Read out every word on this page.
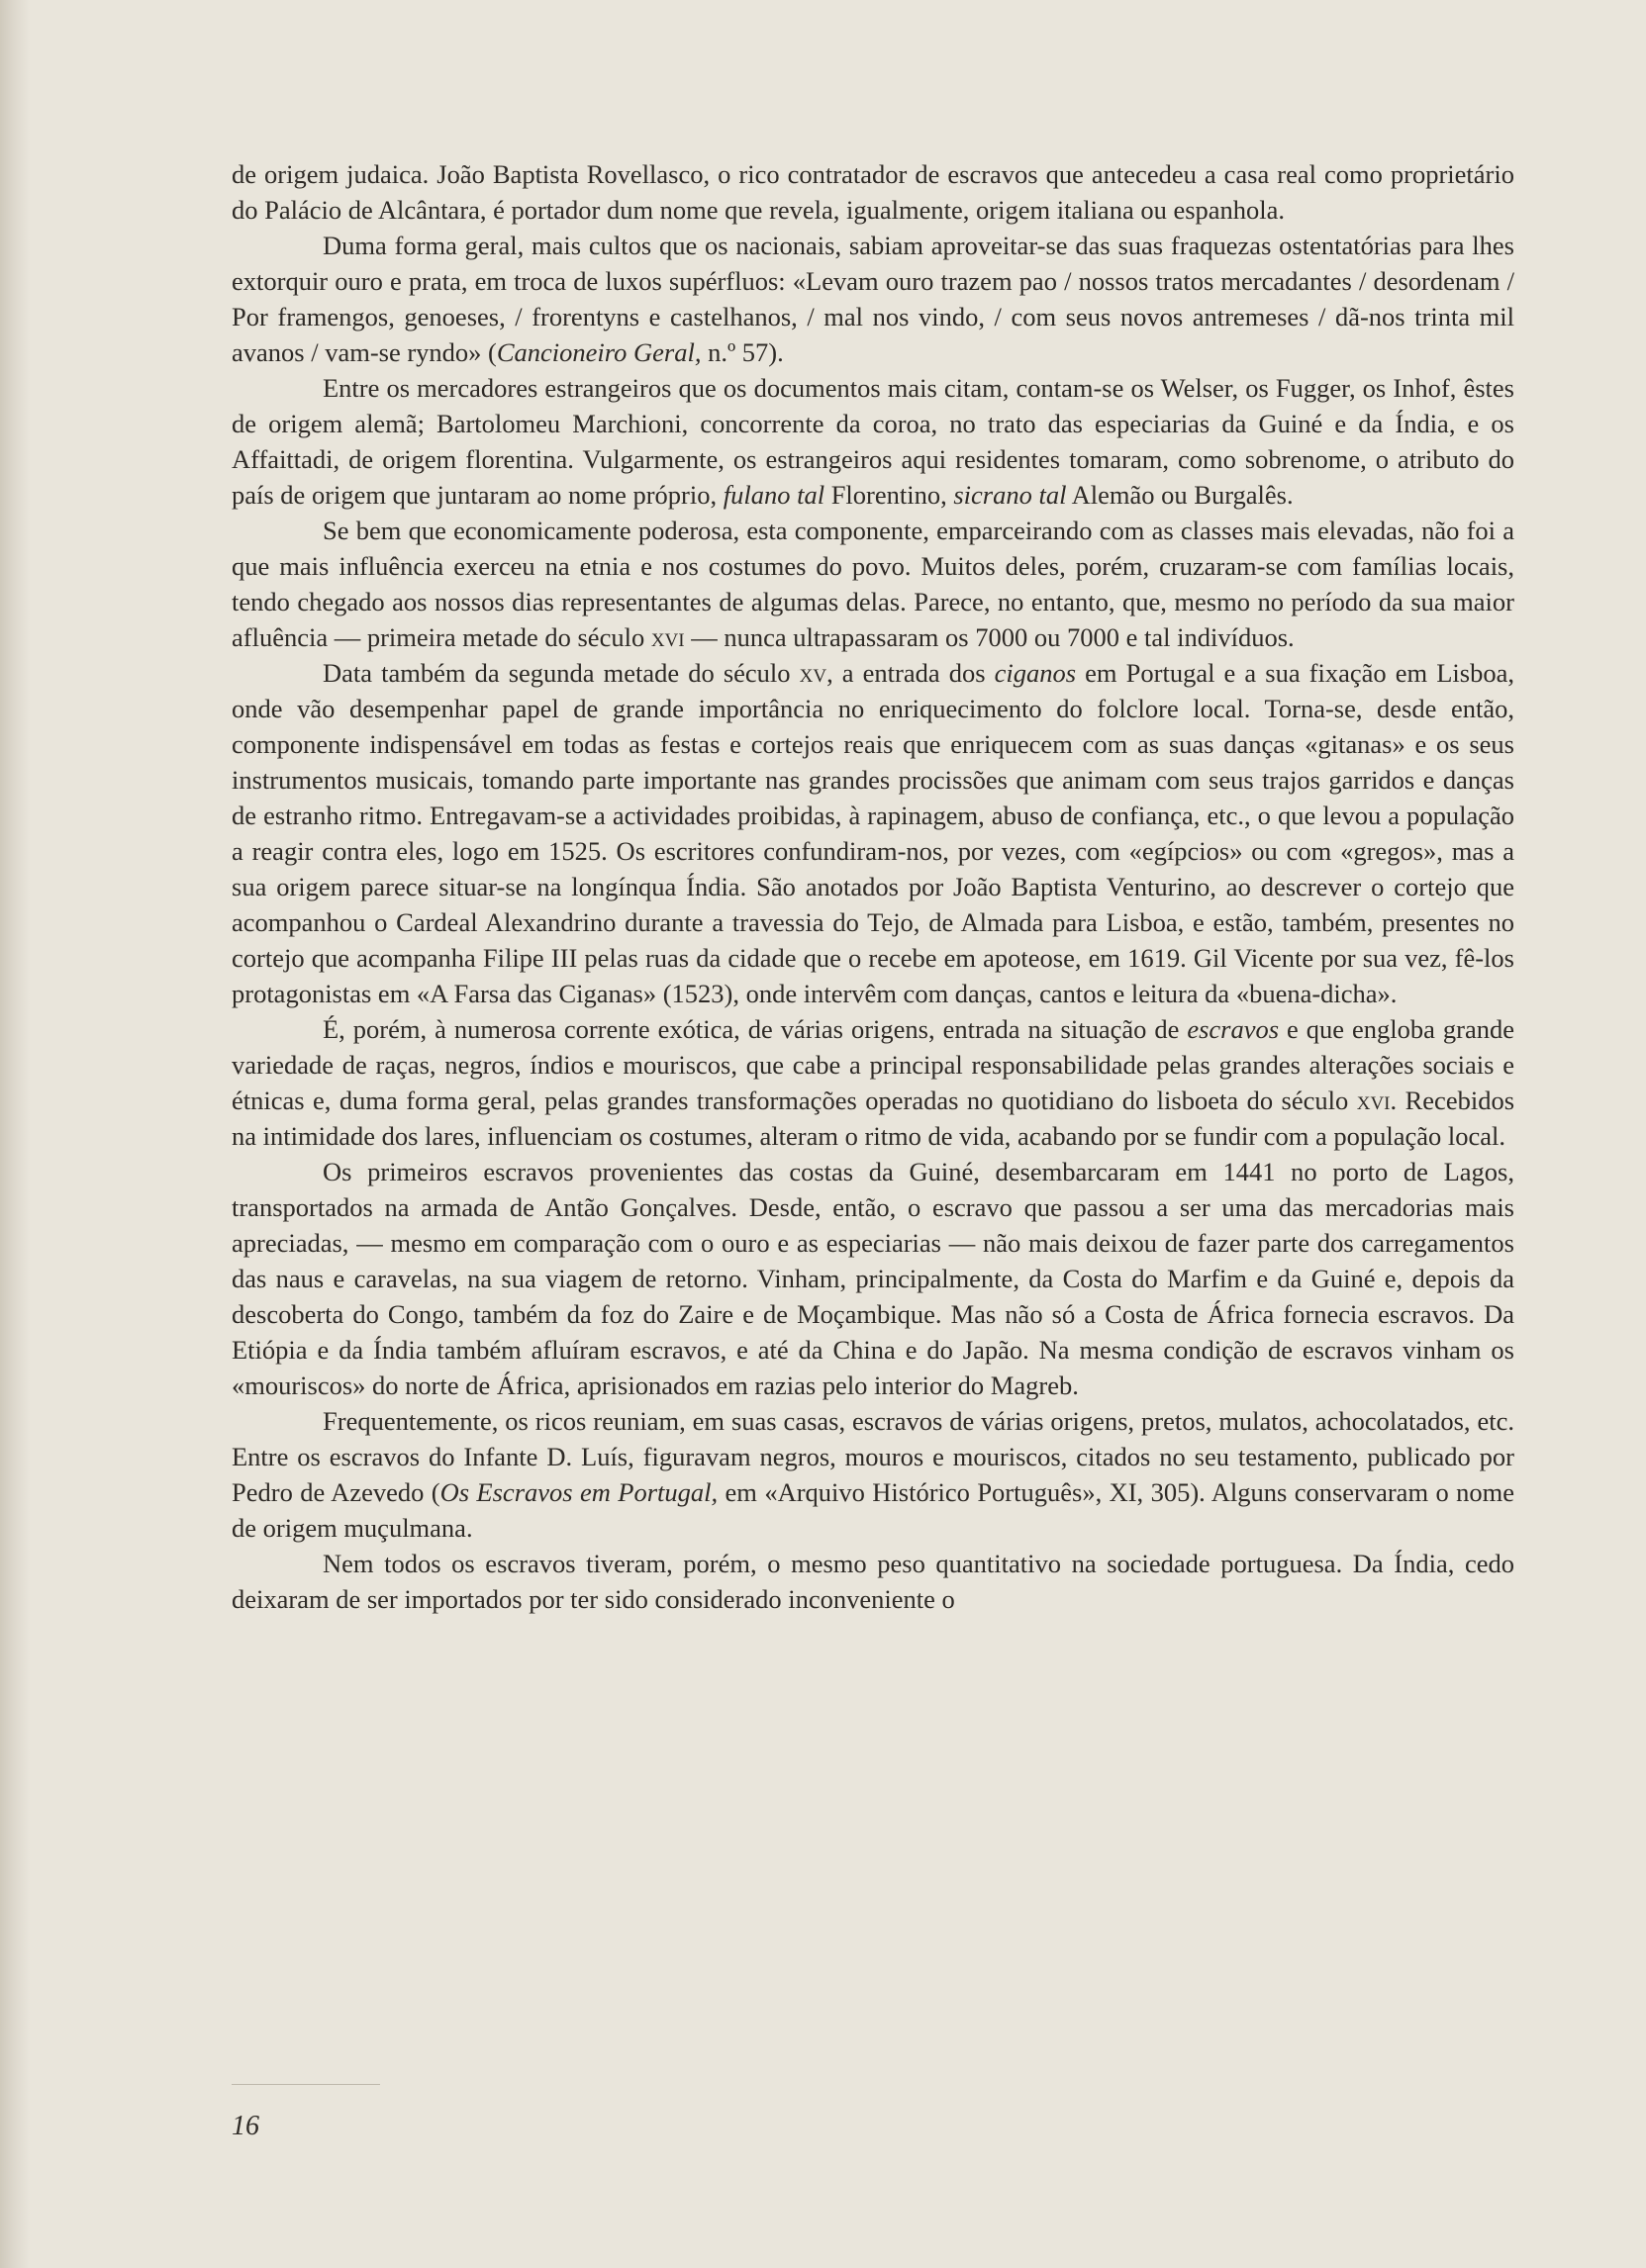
de origem judaica. João Baptista Rovellasco, o rico contratador de escravos que antecedeu a casa real como proprietário do Palácio de Alcântara, é portador dum nome que revela, igualmente, origem italiana ou espanhola.

Duma forma geral, mais cultos que os nacionais, sabiam aproveitar-se das suas fraquezas ostentatórias para lhes extorquir ouro e prata, em troca de luxos supérfluos: «Levam ouro trazem pao / nossos tratos mercadantes / desordenam / Por framengos, genoeses, / frorentyns e castelhanos, / mal nos vindo, / com seus novos antremeses / dã-nos trinta mil avanos / vam-se ryndo» (Cancioneiro Geral, n.º 57).

Entre os mercadores estrangeiros que os documentos mais citam, contam-se os Welser, os Fugger, os Inhof, êstes de origem alemã; Bartolomeu Marchioni, concorrente da coroa, no trato das especiarias da Guiné e da Índia, e os Affaittadi, de origem florentina. Vulgarmente, os estrangeiros aqui residentes tomaram, como sobrenome, o atributo do país de origem que juntaram ao nome próprio, fulano tal Florentino, sicrano tal Alemão ou Burgalês.

Se bem que economicamente poderosa, esta componente, emparceirando com as classes mais elevadas, não foi a que mais influência exerceu na etnia e nos costumes do povo. Muitos deles, porém, cruzaram-se com famílias locais, tendo chegado aos nossos dias representantes de algumas delas. Parece, no entanto, que, mesmo no período da sua maior afluência — primeira metade do século xvi — nunca ultrapassaram os 7000 ou 7000 e tal indivíduos.

Data também da segunda metade do século xv, a entrada dos ciganos em Portugal e a sua fixação em Lisboa, onde vão desempenhar papel de grande importância no enriquecimento do folclore local. Torna-se, desde então, componente indispensável em todas as festas e cortejos reais que enriquecem com as suas danças «gitanas» e os seus instrumentos musicais, tomando parte importante nas grandes procissões que animam com seus trajos garridos e danças de estranho ritmo. Entregavam-se a actividades proibidas, à rapinagem, abuso de confiança, etc., o que levou a população a reagir contra eles, logo em 1525. Os escritores confundiram-nos, por vezes, com «egípcios» ou com «gregos», mas a sua origem parece situar-se na longínqua Índia. São anotados por João Baptista Venturino, ao descrever o cortejo que acompanhou o Cardeal Alexandrino durante a travessia do Tejo, de Almada para Lisboa, e estão, também, presentes no cortejo que acompanha Filipe III pelas ruas da cidade que o recebe em apoteose, em 1619. Gil Vicente por sua vez, fê-los protagonistas em «A Farsa das Ciganas» (1523), onde intervêm com danças, cantos e leitura da «buena-dicha».

É, porém, à numerosa corrente exótica, de várias origens, entrada na situação de escravos e que engloba grande variedade de raças, negros, índios e mouriscos, que cabe a principal responsabilidade pelas grandes alterações sociais e étnicas e, duma forma geral, pelas grandes transformações operadas no quotidiano do lisboeta do século xvi. Recebidos na intimidade dos lares, influenciam os costumes, alteram o ritmo de vida, acabando por se fundir com a população local.

Os primeiros escravos provenientes das costas da Guiné, desembarcaram em 1441 no porto de Lagos, transportados na armada de Antão Gonçalves. Desde, então, o escravo que passou a ser uma das mercadorias mais apreciadas, — mesmo em comparação com o ouro e as especiarias — não mais deixou de fazer parte dos carregamentos das naus e caravelas, na sua viagem de retorno. Vinham, principalmente, da Costa do Marfim e da Guiné e, depois da descoberta do Congo, também da foz do Zaire e de Moçambique. Mas não só a Costa de África fornecia escravos. Da Etiópia e da Índia também afluíram escravos, e até da China e do Japão. Na mesma condição de escravos vinham os «mouriscos» do norte de África, aprisionados em razias pelo interior do Magreb.

Frequentemente, os ricos reuniam, em suas casas, escravos de várias origens, pretos, mulatos, achocolatados, etc. Entre os escravos do Infante D. Luís, figuravam negros, mouros e mouriscos, citados no seu testamento, publicado por Pedro de Azevedo (Os Escravos em Portugal, em «Arquivo Histórico Português», XI, 305). Alguns conservaram o nome de origem muçulmana.

Nem todos os escravos tiveram, porém, o mesmo peso quantitativo na sociedade portuguesa. Da Índia, cedo deixaram de ser importados por ter sido considerado inconveniente o

16
